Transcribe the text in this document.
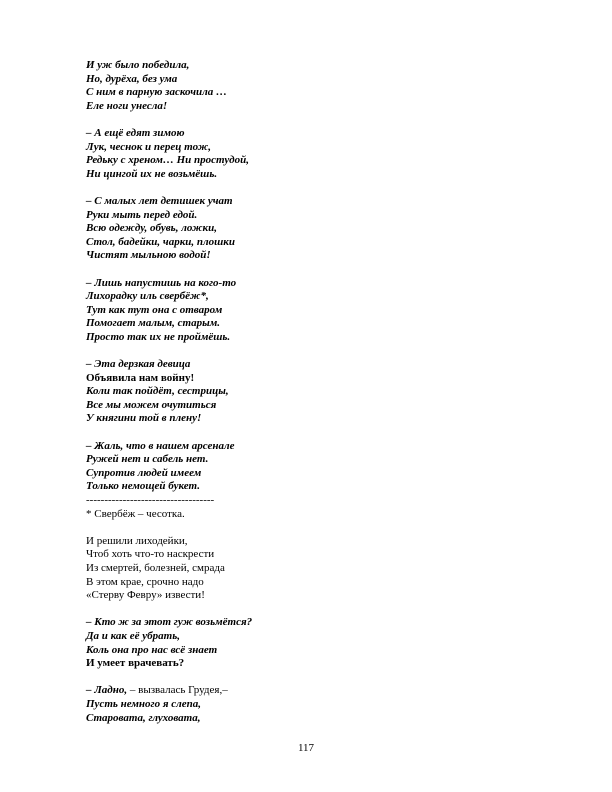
И уж было победила,
Но, дурёха, без ума
С ним в парную заскочила …
Еле ноги унесла!
– А ещё едят зимою
Лук, чеснок и перец тож,
Редьку с хреном… Ни простудой,
Ни цингой их не возьмёшь.
– С малых лет детишек учат
Руки мыть перед едой.
Всю одежду, обувь, ложки,
Стол, бадейки, чарки, плошки
Чистят мыльною водой!
– Лишь напустишь на кого-то
Лихорадку иль свербёж*,
Тут как тут она с отваром
Помогает малым, старым.
Просто так их не проймёшь.
– Эта дерзкая девица
Объявила нам войну!
Коли так пойдёт, сестрицы,
Все мы можем очутиться
У княгини той в плену!
– Жаль, что в нашем арсенале
Ружей нет и сабель нет.
Супротив людей имеем
Только немощей букет.
-----------------------------------
* Свербёж – чесотка.
И решили лиходейки,
Чтоб хоть что-то наскрести
Из смертей, болезней, смрада
В этом крае, срочно надо
«Стерву Февру» извести!
– Кто ж за этот гуж возьмётся?
Да и как её убрать,
Коль она про нас всё знает
И умеет врачевать?
– Ладно, – вызвалась Грудея,–
Пусть немного я слепа,
Староватa, глуховата,
117
